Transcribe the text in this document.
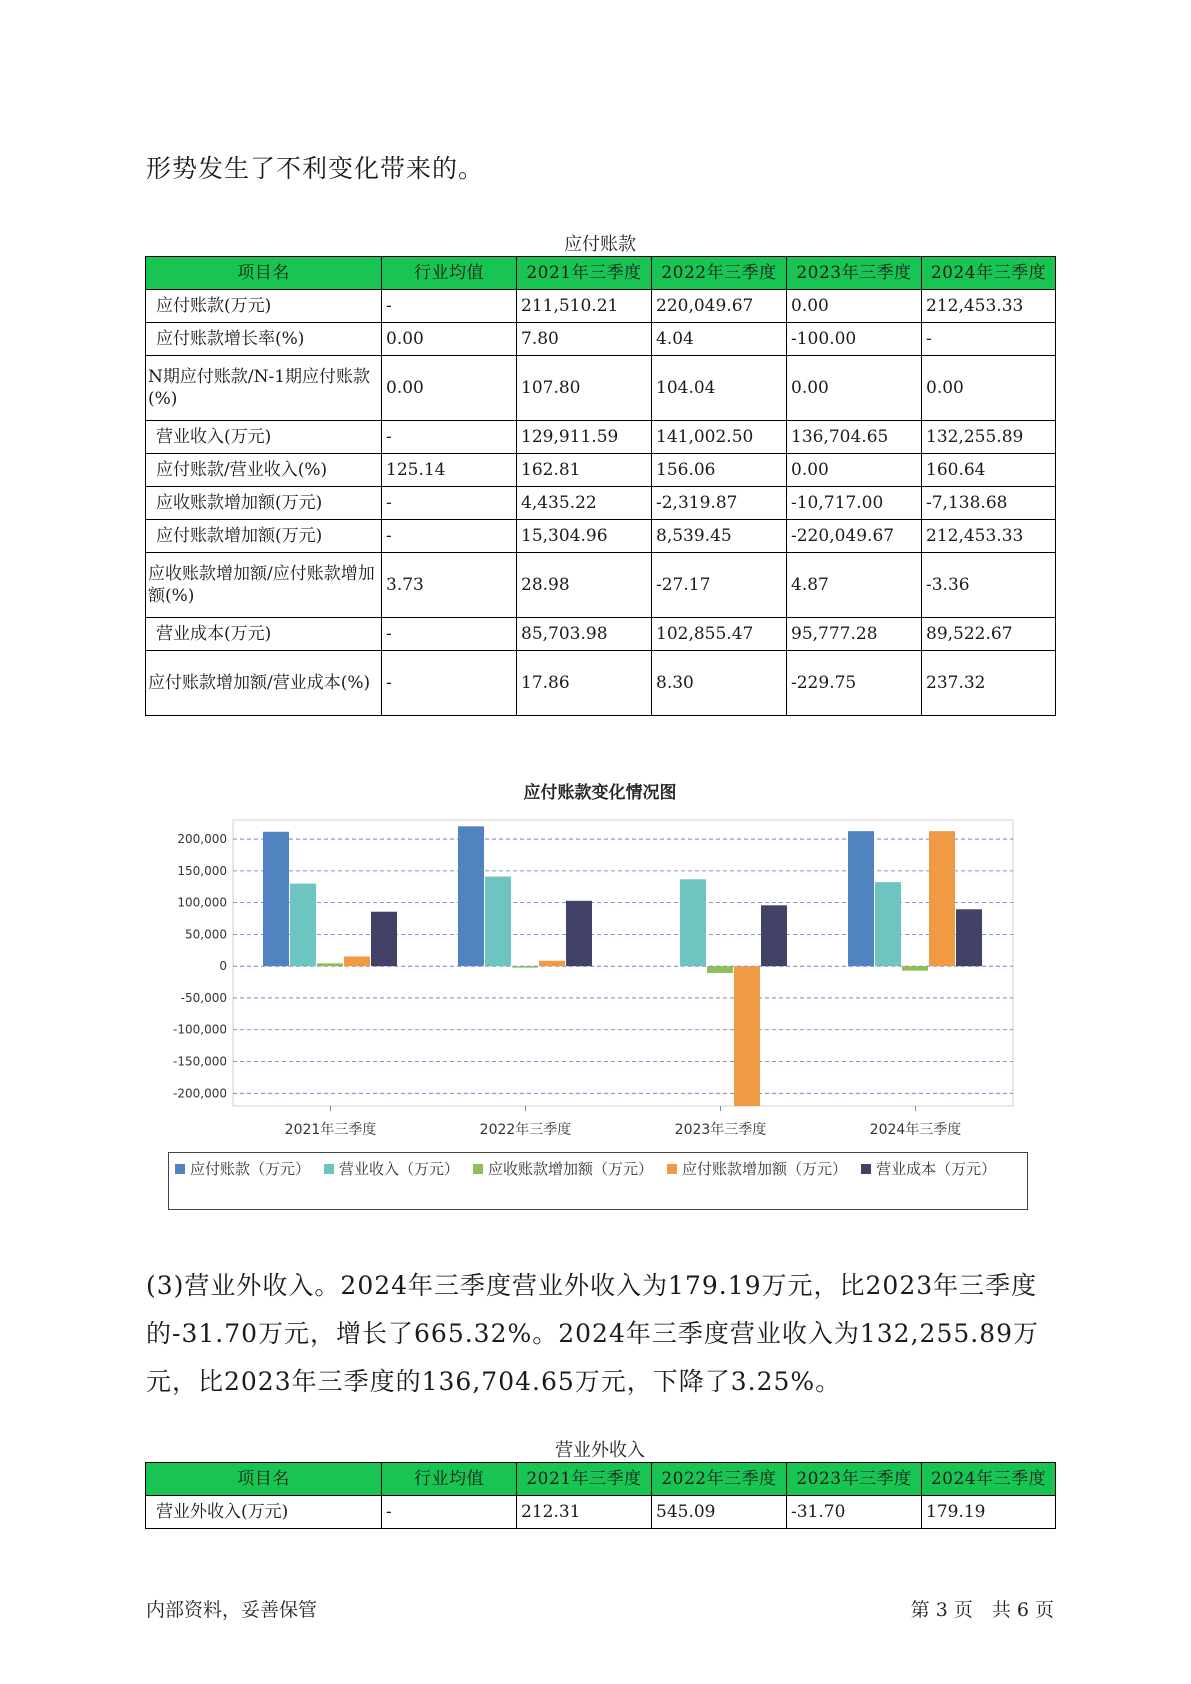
形势发生了不利变化带来的。

应付账款
项目名	行业均值	2021年三季度	2022年三季度	2023年三季度	2024年三季度
应付账款(万元)	-	211,510.21	220,049.67	0.00	212,453.33
应付账款增长率(%)	0.00	7.80	4.04	-100.00	-
N期应付账款/N-1期应付账款(%)	0.00	107.80	104.04	0.00	0.00
营业收入(万元)	-	129,911.59	141,002.50	136,704.65	132,255.89
应付账款/营业收入(%)	125.14	162.81	156.06	0.00	160.64
应收账款增加额(万元)	-	4,435.22	-2,319.87	-10,717.00	-7,138.68
应付账款增加额(万元)	-	15,304.96	8,539.45	-220,049.67	212,453.33
应收账款增加额/应付账款增加额(%)	3.73	28.98	-27.17	4.87	-3.36
营业成本(万元)	-	85,703.98	102,855.47	95,777.28	89,522.67
应付账款增加额/营业成本(%)	-	17.86	8.30	-229.75	237.32
应付账款变化情况图
200,000
150,000
100,000
50,000
0
-50,000
-100,000
-150,000
-200,000
2021年三季度	2022年三季度	2023年三季度	2024年三季度
应付账款（万元） 营业收入（万元） 应收账款增加额（万元） 应付账款增加额（万元） 营业成本（万元）

(3)营业外收入。2024年三季度营业外收入为179.19万元，比2023年三季度的-31.70万元，增长了665.32%。2024年三季度营业收入为132,255.89万元，比2023年三季度的136,704.65万元，下降了3.25%。

营业外收入
项目名	行业均值	2021年三季度	2022年三季度	2023年三季度	2024年三季度
营业外收入(万元)	-	212.31	545.09	-31.70	179.19
内部资料，妥善保管	第 3 页　共 6 页
